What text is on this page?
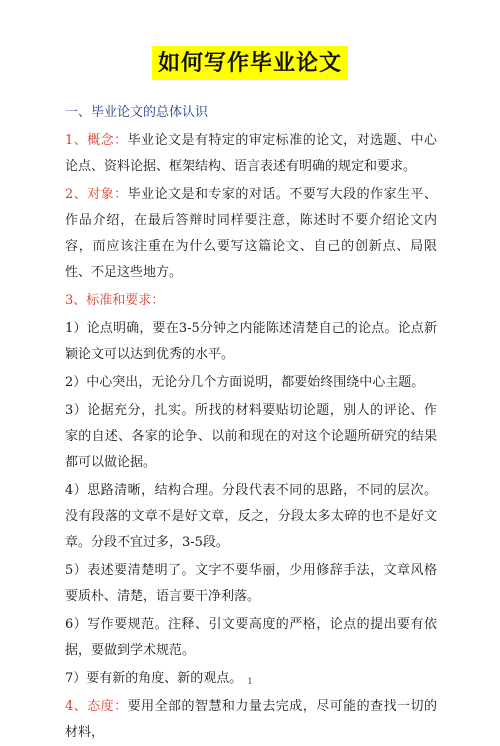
如何写作毕业论文

一、毕业论文的总体认识

1、概念：毕业论文是有特定的审定标准的论文，对选题、中心论点、资料论据、框架结构、语言表述有明确的规定和要求。

2、对象：毕业论文是和专家的对话。不要写大段的作家生平、作品介绍，在最后答辩时同样要注意，陈述时不要介绍论文内容，而应该注重在为什么要写这篇论文、自己的创新点、局限性、不足这些地方。

3、标准和要求：

1）论点明确，要在3-5分钟之内能陈述清楚自己的论点。论点新颖论文可以达到优秀的水平。

2）中心突出，无论分几个方面说明，都要始终围绕中心主题。

3）论据充分，扎实。所找的材料要贴切论题，别人的评论、作家的自述、各家的论争、以前和现在的对这个论题所研究的结果都可以做论据。

4）思路清晰，结构合理。分段代表不同的思路，不同的层次。没有段落的文章不是好文章，反之，分段太多太碎的也不是好文章。分段不宜过多，3-5段。

5）表述要清楚明了。文字不要华丽，少用修辞手法，文章风格要质朴、清楚，语言要干净利落。

6）写作要规范。注释、引文要高度的严格，论点的提出要有依据，要做到学术规范。

7）要有新的角度、新的观点。

4、态度：要用全部的智慧和力量去完成，尽可能的查找一切的材料，

1
